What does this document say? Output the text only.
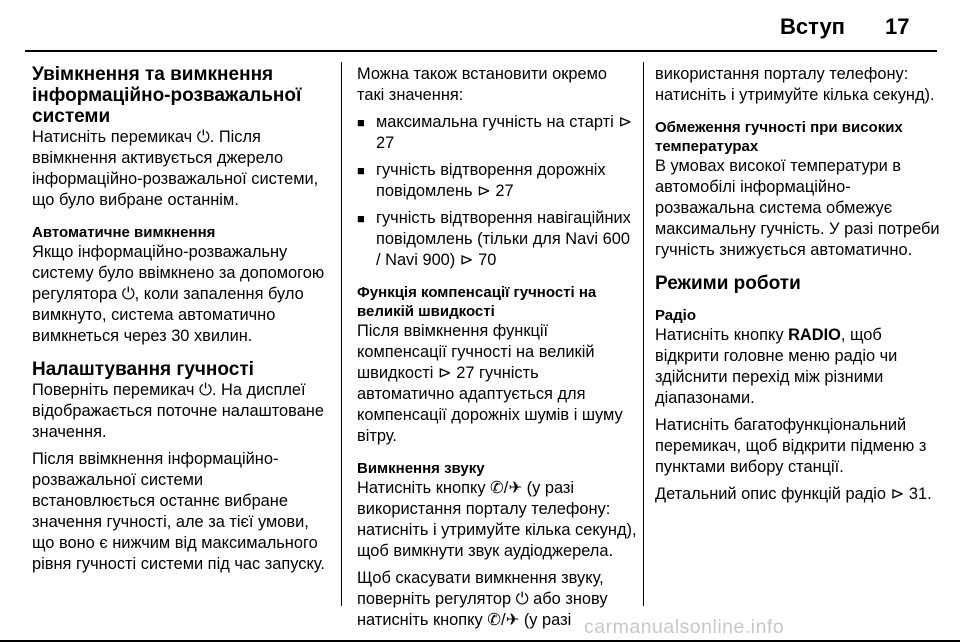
Вступ 17
Увімкнення та вимкнення інформаційно-розважальної системи

Натисніть перемикач ⏻. Після ввімкнення активується джерело інформаційно-розважальної системи, що було вибране останнім.

Автоматичне вимкнення

Якщо інформаційно-розважальну систему було ввімкнено за допомогою регулятора ⏻, коли запалення було вимкнуто, система автоматично вимкнеться через 30 хвилин.

Налаштування гучності

Поверніть перемикач ⏻. На дисплеї відображається поточне налаштоване значення.

Після ввімкнення інформаційно-розважальної системи встановлюється останнє вибране значення гучності, але за тієї умови, що воно є нижчим від максимального рівня гучності системи під час запуску.

Можна також встановити окремо такі значення:

■ максимальна гучність на старті ⊳ 27
■ гучність відтворення дорожніх повідомлень ⊳ 27
■ гучність відтворення навігаційних повідомлень (тільки для Navi 600 / Navi 900) ⊳ 70
Функція компенсації гучності на великій швидкості

Після ввімкнення функції компенсації гучності на великій швидкості ⊳ 27 гучність автоматично адаптується для компенсації дорожніх шумів і шуму вітру.

Вимкнення звуку

Натисніть кнопку ✆/✈ (у разі використання порталу телефону: натисніть і утримуйте кілька секунд), щоб вимкнути звук аудіоджерела.

Щоб скасувати вимкнення звуку, поверніть регулятор ⏻ або знову натисніть кнопку ✆/✈ (у разі

використання порталу телефону: натисніть і утримуйте кілька секунд).

Обмеження гучності при високих температурах

В умовах високої температури в автомобілі інформаційно-розважальна система обмежує максимальну гучність. У разі потреби гучність знижується автоматично.

Режими роботи
Радіо

Натисніть кнопку RADIO, щоб відкрити головне меню радіо чи здійснити перехід між різними діапазонами.

Натисніть багатофункціональний перемикач, щоб відкрити підменю з пунктами вибору станції.

Детальний опис функцій радіо ⊳ 31.

carmanualsonline.info
